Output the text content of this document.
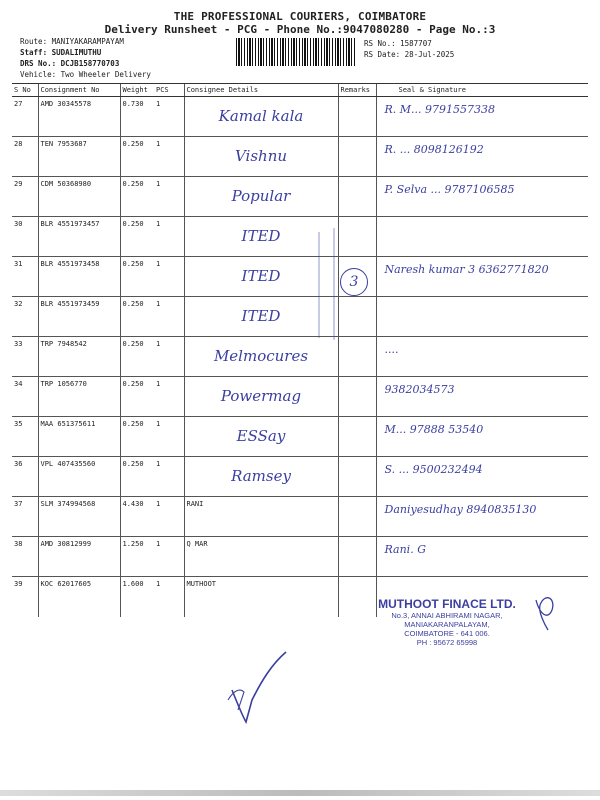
THE PROFESSIONAL COURIERS, COIMBATORE
Delivery Runsheet - PCG - Phone No.:9047080280 - Page No.:3
Route: MANIYAKARAMPAYAM
Staff: SUDALIMUTHU
DRS No.: DCJB158770703
Vehicle: Two Wheeler Delivery
RS No.: 1587707
RS Date: 28-Jul-2025
S No	Consignment No	Weight	PCS	Consignee Details	Remarks	Seal & Signature
27	AMD 30345578	0.730	1	Kamal kala		R. M... 9791557338
28	TEN 7953687	0.250	1	Vishnu		R. ... 8098126192
29	CDM 50368980	0.250	1	Popular		P. Selva ... 9787106585
30	BLR 4551973457	0.250	1	ITED		
31	BLR 4551973458	0.250	1	ITED		Naresh kumar 3 6362771820
32	BLR 4551973459	0.250	1	ITED		
33	TRP 7948542	0.250	1	Melmocures		....
34	TRP 1056770	0.250	1	Powermag		9382034573
35	MAA 651375611	0.250	1	ESSay		M... 97888 53540
36	VPL 407435560	0.250	1	Ramsey		S. ... 9500232494
37	SLM 374994568	4.430	1	RANI		Daniyesudhay 8940835130
38	AMD 30812999	1.250	1	Q MAR		Rani. G
39	KOC 62017605	1.600	1	MUTHOOT		
3
MUTHOOT FINACE LTD.
No.3, ANNAI ABHIRAMI NAGAR,
MANIAKARANPALAYAM,
COIMBATORE - 641 006.
PH : 95672 65998
